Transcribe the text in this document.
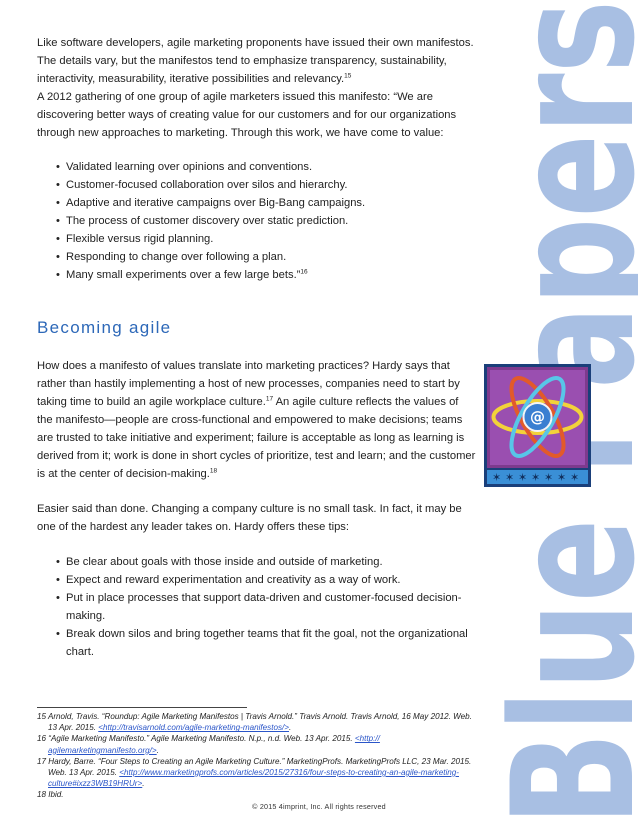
Like software developers, agile marketing proponents have issued their own manifestos. The details vary, but the manifestos tend to emphasize transparency, sustainability, interactivity, measurability, iterative possibilities and relevancy.$^{15}$
A 2012 gathering of one group of agile marketers issued this manifesto: “We are discovering better ways of creating value for our customers and for our organizations through new approaches to marketing. Through this work, we have come to value:

• Validated learning over opinions and conventions.
• Customer-focused collaboration over silos and hierarchy.
• Adaptive and iterative campaigns over Big-Bang campaigns.
• The process of customer discovery over static prediction.
• Flexible versus rigid planning.
• Responding to change over following a plan.
• Many small experiments over a few large bets.”$^{16}$
Becoming agile

How does a manifesto of values translate into marketing practices? Hardy says that rather than hastily implementing a host of new processes, companies need to start by taking time to build an agile workplace culture.$^{17}$ An agile culture reflects the values of the manifesto—people are cross-functional and empowered to make decisions; teams are trusted to take initiative and experiment; failure is acceptable as long as learning is derived from it; work is done in short cycles of prioritize, test and learn; and the customer is at the center of decision-making.$^{18}$

Easier said than done. Changing a company culture is no small task. In fact, it may be one of the hardest any leader takes on. Hardy offers these tips:

• Be clear about goals with those inside and outside of marketing.
• Expect and reward experimentation and creativity as a way of work.
• Put in place processes that support data-driven and customer-focused decision-making.
• Break down silos and bring together teams that fit the goal, not the organizational chart.
15 Arnold, Travis. “Roundup: Agile Marketing Manifestos | Travis Arnold.” Travis Arnold. Travis Arnold, 16 May 2012. Web. 13 Apr. 2015. <http://travisarnold.com/agile-marketing-manifestos/>.
16 “Agile Marketing Manifesto.” Agile Marketing Manifesto. N.p., n.d. Web. 13 Apr. 2015. <http:// agilemarketingmanifesto.org/>.
17 Hardy, Barre. “Four Steps to Creating an Agile Marketing Culture.” MarketingProfs. MarketingProfs LLC, 23 Mar. 2015. Web. 13 Apr. 2015. <http://www.marketingprofs.com/articles/2015/27316/four-steps-to-creating-an-agile-marketing-culture#ixzz3WB19HRUr>.
18 Ibid.
© 2015 4imprint, Inc. All rights reserved
@
✶ ✶ ✶ ✶ ✶ ✶ ✶
